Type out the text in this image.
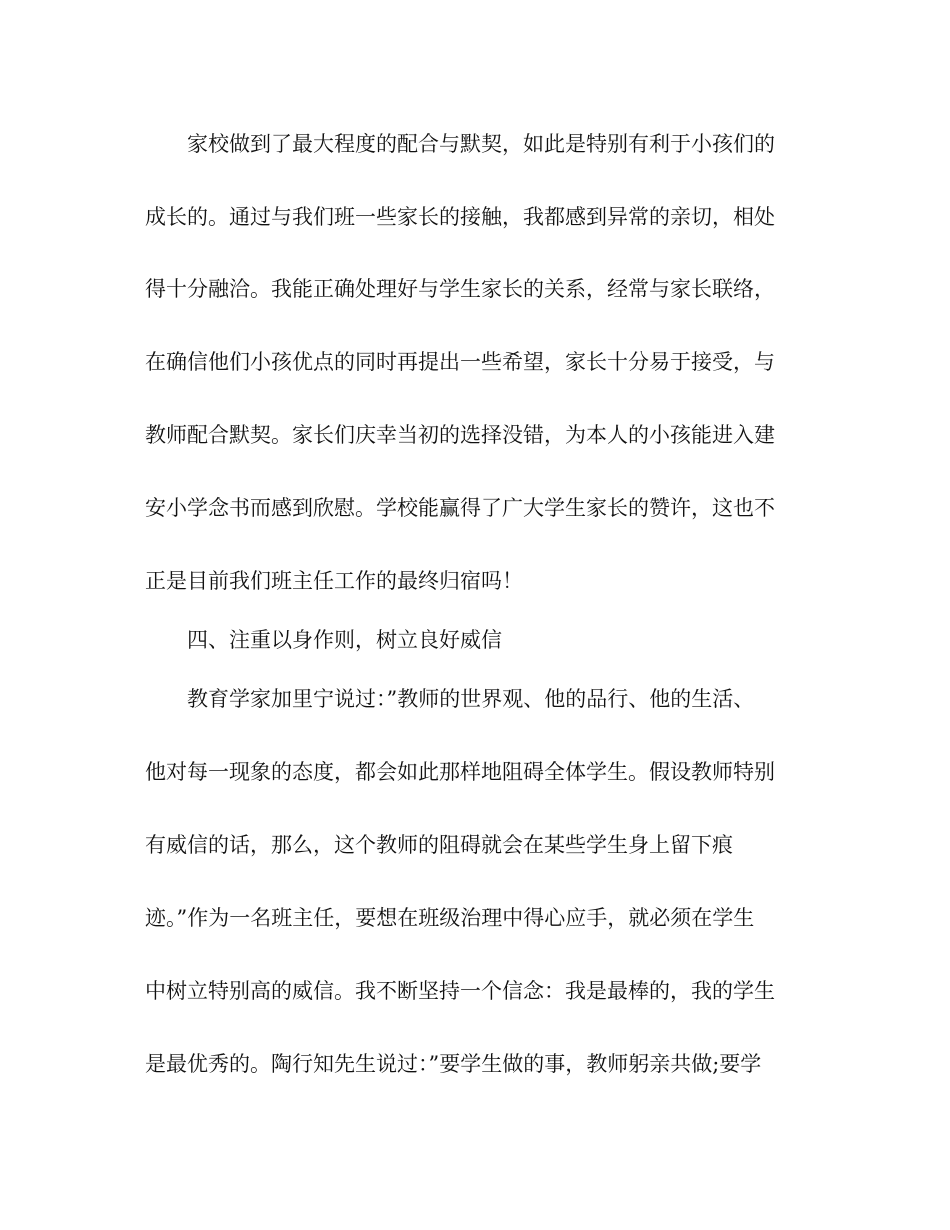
家校做到了最大程度的配合与默契，如此是特别有利于小孩们的

成长的。通过与我们班一些家长的接触，我都感到异常的亲切，相处

得十分融洽。我能正确处理好与学生家长的关系，经常与家长联络，

在确信他们小孩优点的同时再提出一些希望，家长十分易于接受，与

教师配合默契。家长们庆幸当初的选择没错，为本人的小孩能进入建

安小学念书而感到欣慰。学校能赢得了广大学生家长的赞许，这也不

正是目前我们班主任工作的最终归宿吗！

四、注重以身作则，树立良好威信

教育学家加里宁说过：”教师的世界观、他的品行、他的生活、

他对每一现象的态度，都会如此那样地阻碍全体学生。假设教师特别

有威信的话，那么，这个教师的阻碍就会在某些学生身上留下痕

迹。”作为一名班主任，要想在班级治理中得心应手，就必须在学生

中树立特别高的威信。我不断坚持一个信念：我是最棒的，我的学生

是最优秀的。陶行知先生说过：”要学生做的事，教师躬亲共做;要学
